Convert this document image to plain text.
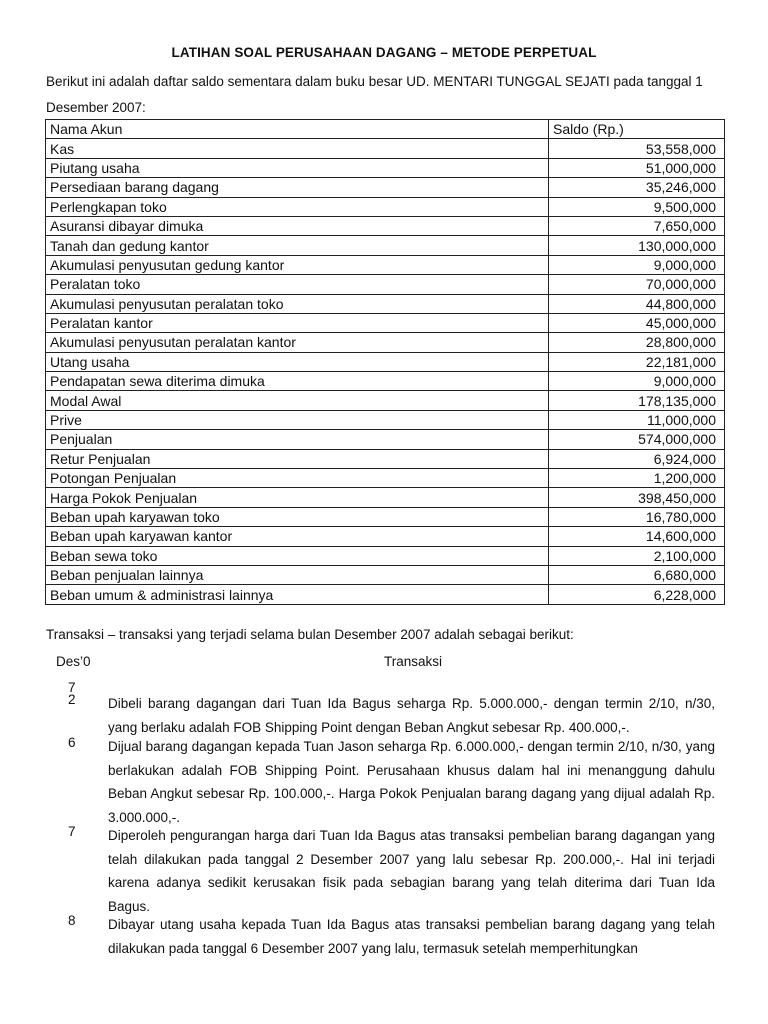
LATIHAN SOAL PERUSAHAAN DAGANG – METODE PERPETUAL
Berikut ini adalah daftar saldo sementara dalam buku besar UD. MENTARI TUNGGAL SEJATI pada tanggal 1 Desember 2007:
Nama Akun	Saldo (Rp.)
Kas	53,558,000
Piutang usaha	51,000,000
Persediaan barang dagang	35,246,000
Perlengkapan toko	9,500,000
Asuransi dibayar dimuka	7,650,000
Tanah dan gedung kantor	130,000,000
Akumulasi penyusutan gedung kantor	9,000,000
Peralatan toko	70,000,000
Akumulasi penyusutan peralatan toko	44,800,000
Peralatan kantor	45,000,000
Akumulasi penyusutan peralatan kantor	28,800,000
Utang usaha	22,181,000
Pendapatan sewa diterima dimuka	9,000,000
Modal Awal	178,135,000
Prive	11,000,000
Penjualan	574,000,000
Retur Penjualan	6,924,000
Potongan Penjualan	1,200,000
Harga Pokok Penjualan	398,450,000
Beban upah karyawan toko	16,780,000
Beban upah karyawan kantor	14,600,000
Beban sewa toko	2,100,000
Beban penjualan lainnya	6,680,000
Beban umum & administrasi lainnya	6,228,000
Transaksi – transaksi yang terjadi selama bulan Desember 2007 adalah sebagai berikut:
Des’0	Transaksi
7
2	Dibeli barang dagangan dari Tuan Ida Bagus seharga Rp. 5.000.000,- dengan termin 2/10, n/30, yang berlaku adalah FOB Shipping Point dengan Beban Angkut sebesar Rp. 400.000,-.
6	Dijual barang dagangan kepada Tuan Jason seharga Rp. 6.000.000,- dengan termin 2/10, n/30, yang berlakukan adalah FOB Shipping Point. Perusahaan khusus dalam hal ini menanggung dahulu Beban Angkut sebesar Rp. 100.000,-. Harga Pokok Penjualan barang dagang yang dijual adalah Rp. 3.000.000,-.
7	Diperoleh pengurangan harga dari Tuan Ida Bagus atas transaksi pembelian barang dagangan yang telah dilakukan pada tanggal 2 Desember 2007 yang lalu sebesar Rp. 200.000,-. Hal ini terjadi karena adanya sedikit kerusakan fisik pada sebagian barang yang telah diterima dari Tuan Ida Bagus.
8	Dibayar utang usaha kepada Tuan Ida Bagus atas transaksi pembelian barang dagang yang telah dilakukan pada tanggal 6 Desember 2007 yang lalu, termasuk setelah memperhitungkan
